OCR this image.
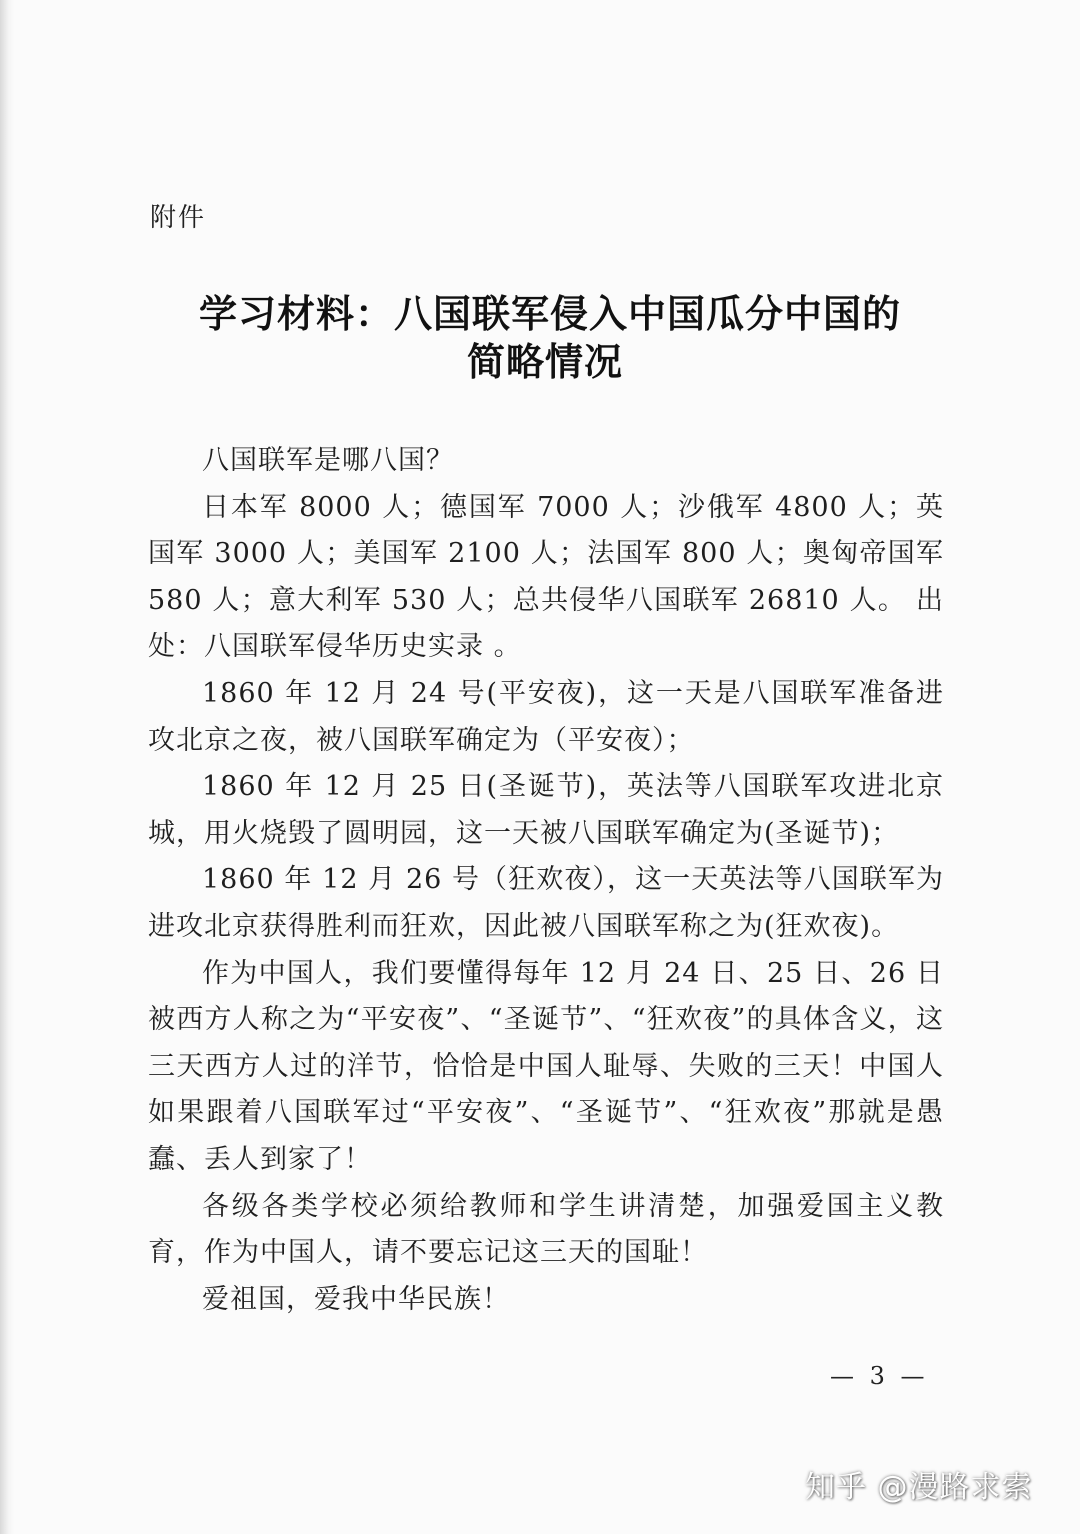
附件
学习材料：八国联军侵入中国瓜分中国的
简略情况

八国联军是哪八国？

日本军 8000 人；德国军 7000 人；沙俄军 4800 人；英国军 3000 人；美国军 2100 人；法国军 800 人；奥匈帝国军 580 人；意大利军 530 人；总共侵华八国联军 26810 人。 出处：八国联军侵华历史实录 。

1860 年 12 月 24 号(平安夜)，这一天是八国联军准备进攻北京之夜，被八国联军确定为（平安夜）；

1860 年 12 月 25 日(圣诞节)，英法等八国联军攻进北京城，用火烧毁了圆明园，这一天被八国联军确定为(圣诞节)；

1860 年 12 月 26 号（狂欢夜），这一天英法等八国联军为进攻北京获得胜利而狂欢，因此被八国联军称之为(狂欢夜)。

作为中国人，我们要懂得每年 12 月 24 日、25 日、26 日被西方人称之为“平安夜”、“圣诞节”、“狂欢夜”的具体含义，这三天西方人过的洋节，恰恰是中国人耻辱、失败的三天！中国人如果跟着八国联军过“平安夜”、“圣诞节”、“狂欢夜”那就是愚蠢、丢人到家了！

各级各类学校必须给教师和学生讲清楚，加强爱国主义教育，作为中国人，请不要忘记这三天的国耻！

爱祖国，爱我中华民族！

— 3 —
知乎 @漫路求索
